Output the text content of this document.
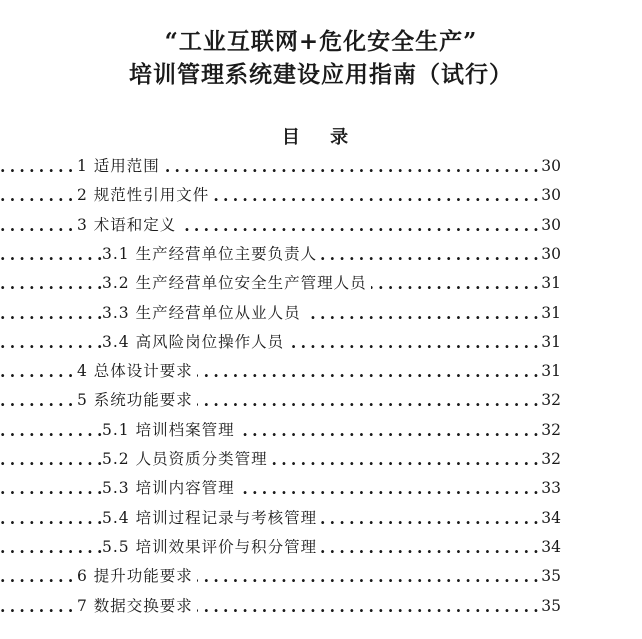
“工业互联网+危化安全生产”
培训管理系统建设应用指南（试行）
目 录
.....
1 适用范围	30
.....
2 规范性引用文件	30
.....
3 术语和定义	30
.....
3.1 生产经营单位主要负责人	30
.....
3.2 生产经营单位安全生产管理人员	31
.....
3.3 生产经营单位从业人员	31
.....
3.4 高风险岗位操作人员	31
.....
4 总体设计要求	31
.....
5 系统功能要求	32
.....
5.1 培训档案管理	32
.....
5.2 人员资质分类管理	32
.....
5.3 培训内容管理	33
.....
5.4 培训过程记录与考核管理	34
.....
5.5 培训效果评价与积分管理	34
.....
6 提升功能要求	35
.....
7 数据交换要求	35
